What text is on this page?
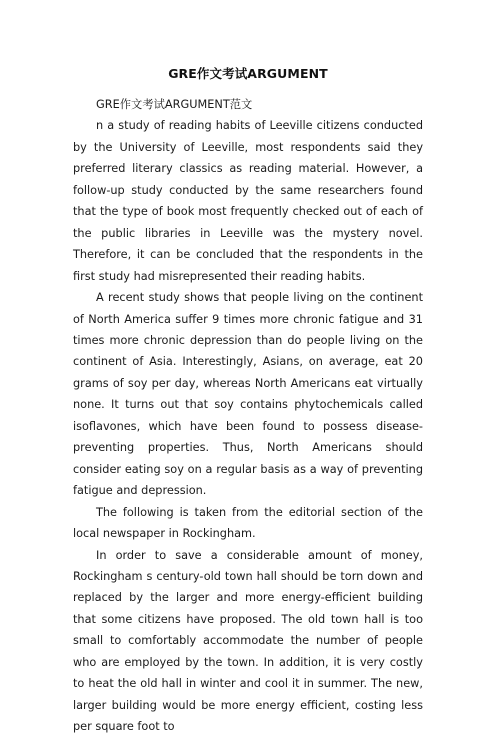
GRE作文考试ARGUMENT

GRE作文考试ARGUMENT范文

n a study of reading habits of Leeville citizens conducted by the University of Leeville, most respondents said they preferred literary classics as reading material. However, a follow-up study conducted by the same researchers found that the type of book most frequently checked out of each of the public libraries in Leeville was the mystery novel. Therefore, it can be concluded that the respondents in the first study had misrepresented their reading habits.

A recent study shows that people living on the continent of North America suffer 9 times more chronic fatigue and 31 times more chronic depression than do people living on the continent of Asia. Interestingly, Asians, on average, eat 20 grams of soy per day, whereas North Americans eat virtually none. It turns out that soy contains phytochemicals called isoflavones, which have been found to possess disease-preventing properties. Thus, North Americans should consider eating soy on a regular basis as a way of preventing fatigue and depression.

The following is taken from the editorial section of the local newspaper in Rockingham.

In order to save a considerable amount of money, Rockingham s century-old town hall should be torn down and replaced by the larger and more energy-efficient building that some citizens have proposed. The old town hall is too small to comfortably accommodate the number of people who are employed by the town. In addition, it is very costly to heat the old hall in winter and cool it in summer. The new, larger building would be more energy efficient, costing less per square foot to
